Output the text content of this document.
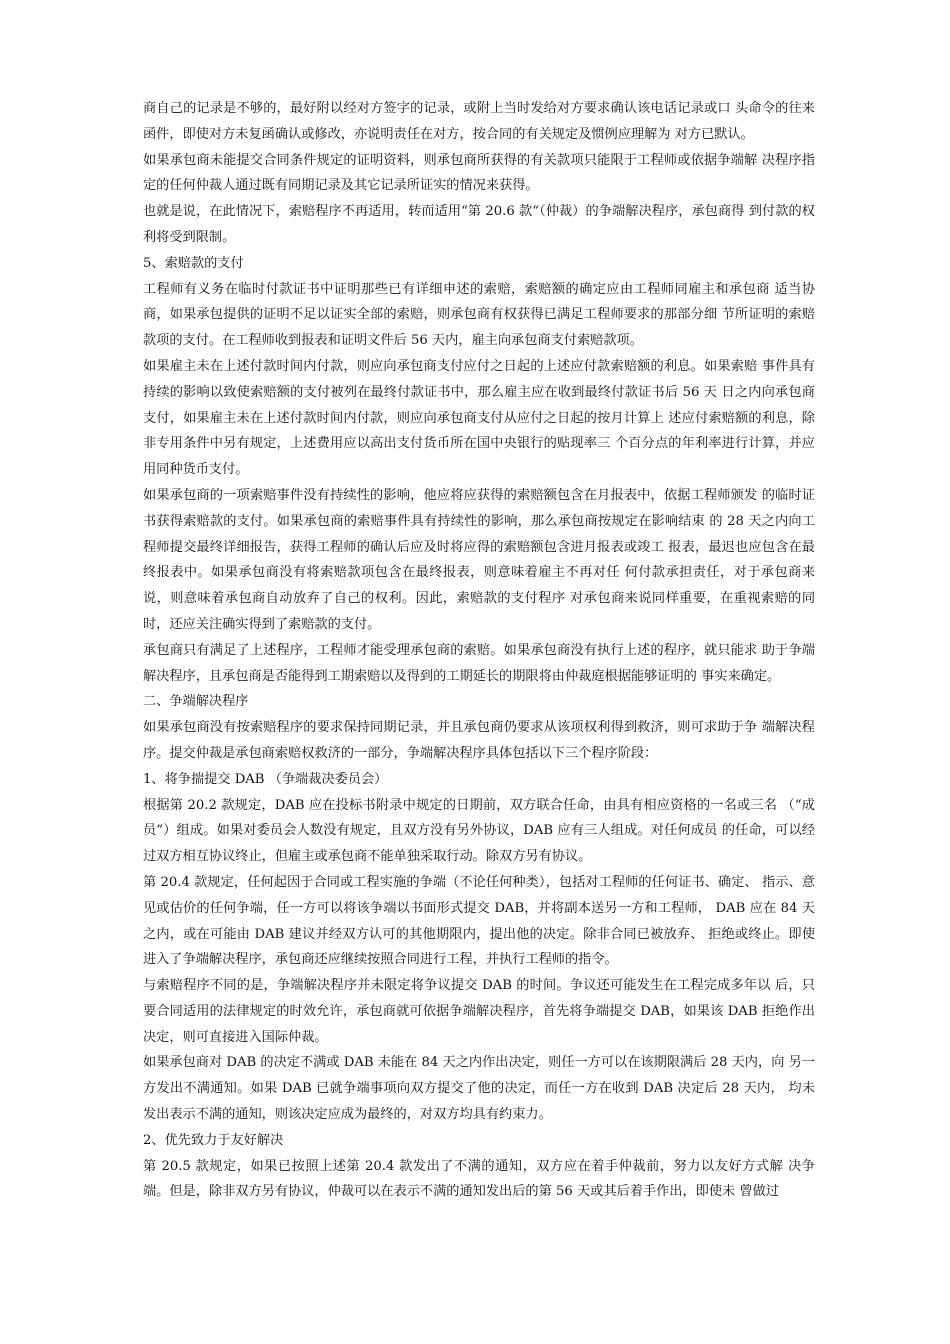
商自己的记录是不够的，最好附以经对方签字的记录，或附上当时发给对方要求确认该电话记录或口 头命令的往来函件，即使对方未复函确认或修改，亦说明责任在对方，按合同的有关规定及惯例应理解为 对方已默认。

如果承包商未能提交合同条件规定的证明资料，则承包商所获得的有关款项只能限于工程师或依据争端解 决程序指定的任何仲裁人通过既有同期记录及其它记录所证实的情况来获得。

也就是说，在此情况下，索赔程序不再适用，转而适用“第 20.6 款“（仲裁）的争端解决程序，承包商得 到付款的权利将受到限制。

5、索赔款的支付

工程师有义务在临时付款证书中证明那些已有详细申述的索赔，索赔额的确定应由工程师同雇主和承包商 适当协商，如果承包提供的证明不足以证实全部的索赔，则承包商有权获得已满足工程师要求的那部分细 节所证明的索赔款项的支付。在工程师收到报表和证明文件后 56 天内，雇主向承包商支付索赔款项。

如果雇主未在上述付款时间内付款，则应向承包商支付应付之日起的上述应付款索赔额的利息。如果索赔 事件具有持续的影响以致使索赔额的支付被列在最终付款证书中，那么雇主应在收到最终付款证书后 56 天 日之内向承包商支付，如果雇主未在上述付款时间内付款，则应向承包商支付从应付之日起的按月计算上 述应付索赔额的利息，除非专用条件中另有规定，上述费用应以高出支付货币所在国中央银行的贴现率三 个百分点的年利率进行计算，并应用同种货币支付。

如果承包商的一项索赔事件没有持续性的影响，他应将应获得的索赔额包含在月报表中，依据工程师颁发 的临时证书获得索赔款的支付。如果承包商的索赔事件具有持续性的影响，那么承包商按规定在影响结束 的 28 天之内向工程师提交最终详细报告，获得工程师的确认后应及时将应得的索赔额包含进月报表或竣工 报表，最迟也应包含在最终报表中。如果承包商没有将索赔款项包含在最终报表，则意味着雇主不再对任 何付款承担责任，对于承包商来说，则意味着承包商自动放弃了自己的权利。因此，索赔款的支付程序 对承包商来说同样重要，在重视索赔的同时，还应关注确实得到了索赔款的支付。

承包商只有满足了上述程序，工程师才能受理承包商的索赔。如果承包商没有执行上述的程序，就只能求 助于争端解决程序，且承包商是否能得到工期索赔以及得到的工期延长的期限将由仲裁庭根据能够证明的 事实来确定。

二、争端解决程序

如果承包商没有按索赔程序的要求保持同期记录，并且承包商仍要求从该项权利得到救济，则可求助于争 端解决程序。提交仲裁是承包商索赔权救济的一部分，争端解决程序具体包括以下三个程序阶段：

1、将争揣提交 DAB （争端裁决委员会）

根据第 20.2 款规定，DAB 应在投标书附录中规定的日期前，双方联合任命，由具有相应资格的一名或三名 （“成员”）组成。如果对委员会人数没有规定，且双方没有另外协议，DAB 应有三人组成。对任何成员 的任命，可以经过双方相互协议终止，但雇主或承包商不能单独采取行动。除双方另有协议。

第 20.4 款规定，任何起因于合同或工程实施的争端（不论任何种类），包括对工程师的任何证书、确定、 指示、意见或估价的任何争端，任一方可以将该争端以书面形式提交 DAB，并将副本送另一方和工程师， DAB 应在 84 天之内，或在可能由 DAB 建议并经双方认可的其他期限内，提出他的决定。除非合同已被放弃、 拒绝或终止。即使进入了争端解决程序，承包商还应继续按照合同进行工程，并执行工程师的指令。

与索赔程序不同的是，争端解决程序并未限定将争议提交 DAB 的时间。争议还可能发生在工程完成多年以 后，只要合同适用的法律规定的时效允许，承包商就可依据争端解决程序，首先将争端提交 DAB，如果该 DAB 拒绝作出决定，则可直接进入国际仲裁。

如果承包商对 DAB 的决定不满或 DAB 未能在 84 天之内作出决定，则任一方可以在该期限满后 28 天内，向 另一方发出不满通知。如果 DAB 已就争端事项向双方提交了他的决定，而任一方在收到 DAB 决定后 28 天内， 均未发出表示不满的通知，则该决定应成为最终的，对双方均具有约束力。

2、优先致力于友好解决

第 20.5 款规定，如果已按照上述第 20.4 款发出了不满的通知，双方应在着手仲裁前，努力以友好方式解 决争端。但是，除非双方另有协议，仲裁可以在表示不满的通知发出后的第 56 天或其后着手作出，即使未 曾做过
